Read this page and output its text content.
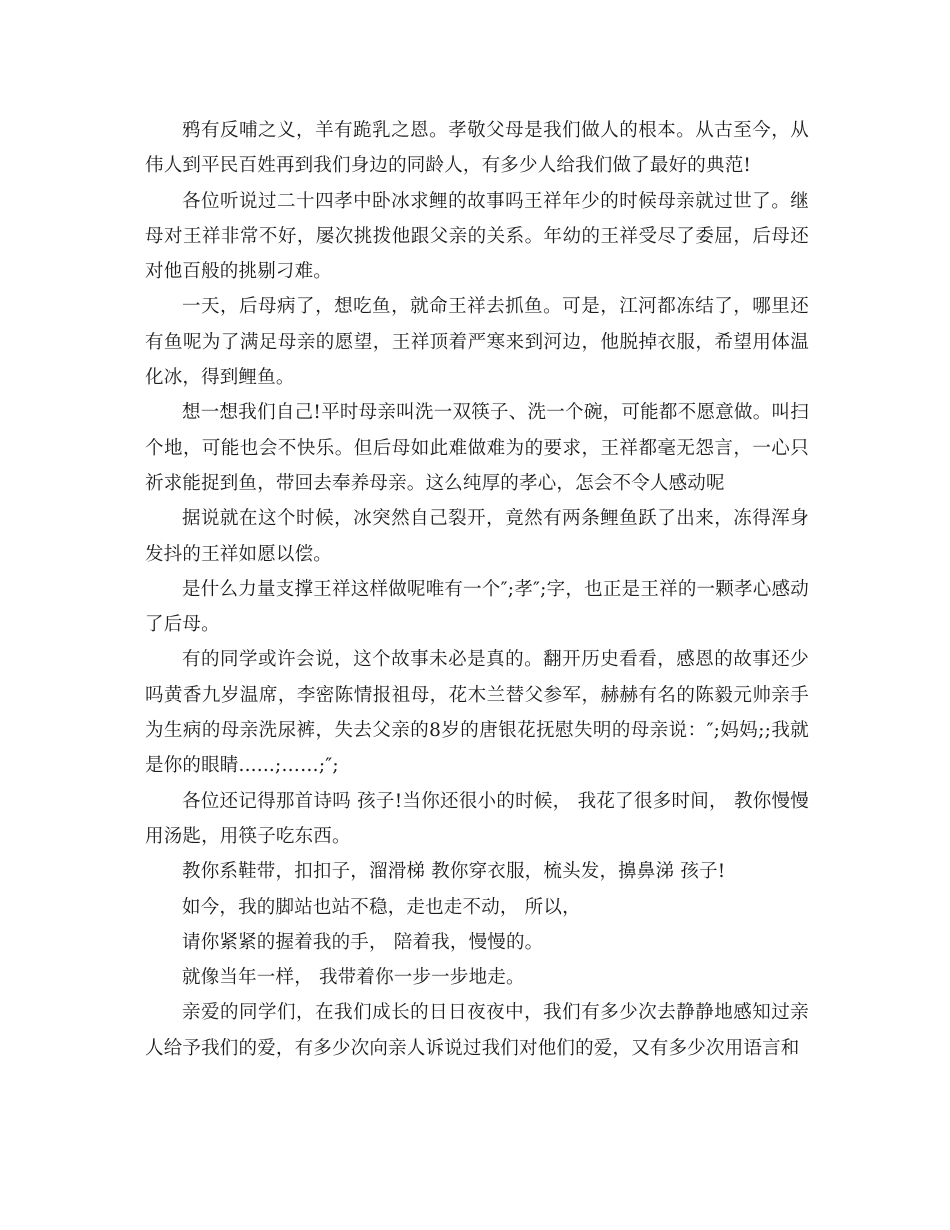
鸦有反哺之义，羊有跪乳之恩。孝敬父母是我们做人的根本。从古至今，从伟人到平民百姓再到我们身边的同龄人，有多少人给我们做了最好的典范!

各位听说过二十四孝中卧冰求鲤的故事吗王祥年少的时候母亲就过世了。继母对王祥非常不好，屡次挑拨他跟父亲的关系。年幼的王祥受尽了委屈，后母还对他百般的挑剔刁难。

一天，后母病了，想吃鱼，就命王祥去抓鱼。可是，江河都冻结了，哪里还有鱼呢为了满足母亲的愿望，王祥顶着严寒来到河边，他脱掉衣服，希望用体温化冰，得到鲤鱼。

想一想我们自己!平时母亲叫洗一双筷子、洗一个碗，可能都不愿意做。叫扫个地，可能也会不快乐。但后母如此难做难为的要求，王祥都毫无怨言，一心只祈求能捉到鱼，带回去奉养母亲。这么纯厚的孝心，怎会不令人感动呢

据说就在这个时候，冰突然自己裂开，竟然有两条鲤鱼跃了出来，冻得浑身发抖的王祥如愿以偿。

是什么力量支撑王祥这样做呢唯有一个″;孝″;字，也正是王祥的一颗孝心感动了后母。

有的同学或许会说，这个故事未必是真的。翻开历史看看，感恩的故事还少吗黄香九岁温席，李密陈情报祖母，花木兰替父参军，赫赫有名的陈毅元帅亲手为生病的母亲洗尿裤，失去父亲的8岁的唐银花抚慰失明的母亲说：″;妈妈;;我就是你的眼睛......;……;″;

各位还记得那首诗吗 孩子!当你还很小的时候， 我花了很多时间， 教你慢慢用汤匙，用筷子吃东西。

教你系鞋带，扣扣子，溜滑梯 教你穿衣服，梳头发，擤鼻涕 孩子!

如今，我的脚站也站不稳，走也走不动， 所以，

请你紧紧的握着我的手， 陪着我，慢慢的。

就像当年一样， 我带着你一步一步地走。

亲爱的同学们，在我们成长的日日夜夜中，我们有多少次去静静地感知过亲人给予我们的爱，有多少次向亲人诉说过我们对他们的爱，又有多少次用语言和
